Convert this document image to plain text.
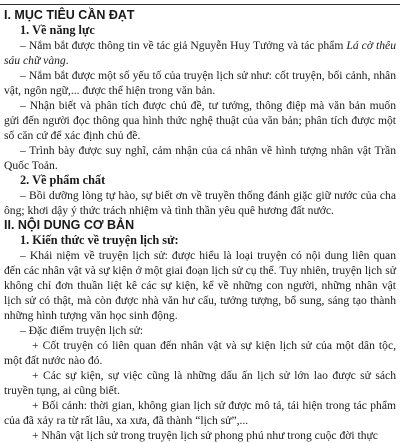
I. MỤC TIÊU CẦN ĐẠT
1. Về năng lực

– Nắm bắt được thông tin về tác giả Nguyễn Huy Tưởng và tác phẩm Lá cờ thêu sáu chữ vàng.

– Nắm bắt được một số yếu tố của truyện lịch sử như: cốt truyện, bối cảnh, nhân vật, ngôn ngữ,... được thể hiện trong văn bản.

– Nhận biết và phân tích được chủ đề, tư tưởng, thông điệp mà văn bản muốn gửi đến người đọc thông qua hình thức nghệ thuật của văn bản; phân tích được một số căn cứ để xác định chủ đề.

– Trình bày được suy nghĩ, cảm nhận của cá nhân về hình tượng nhân vật Trần Quốc Toản.

2. Về phẩm chất

– Bồi dưỡng lòng tự hào, sự biết ơn về truyền thống đánh giặc giữ nước của cha ông; khơi dậy ý thức trách nhiệm và tình thần yêu quê hương đất nước.

II. NỘI DUNG CƠ BẢN
1. Kiến thức về truyện lịch sử:

– Khái niệm về truyện lịch sử: được hiểu là loại truyện có nội dung liên quan đến các nhân vật và sự kiện ở một giai đoạn lịch sử cụ thể. Tuy nhiên, truyện lịch sử không chỉ đơn thuần liệt kê các sự kiện, kể về những con người, những nhân vật lịch sử có thật, mà còn được nhà văn hư cấu, tưởng tượng, bổ sung, sáng tạo thành những hình tượng văn học sinh động.

– Đặc điểm truyện lịch sử:

+ Cốt truyện có liên quan đến nhân vật và sự kiện lịch sử của một dân tộc, một đất nước nào đó.

+ Các sự kiện, sự việc cũng là những dấu ấn lịch sử lớn lao được sử sách truyền tụng, ai cũng biết.

+ Bối cảnh: thời gian, không gian lịch sử được mô tả, tái hiện trong tác phẩm của đã xảy ra từ rất lâu, xa xưa, đã thành “lịch sử”,...

+ Nhân vật lịch sử trong truyện lịch sử phong phú như trong cuộc đời thực
